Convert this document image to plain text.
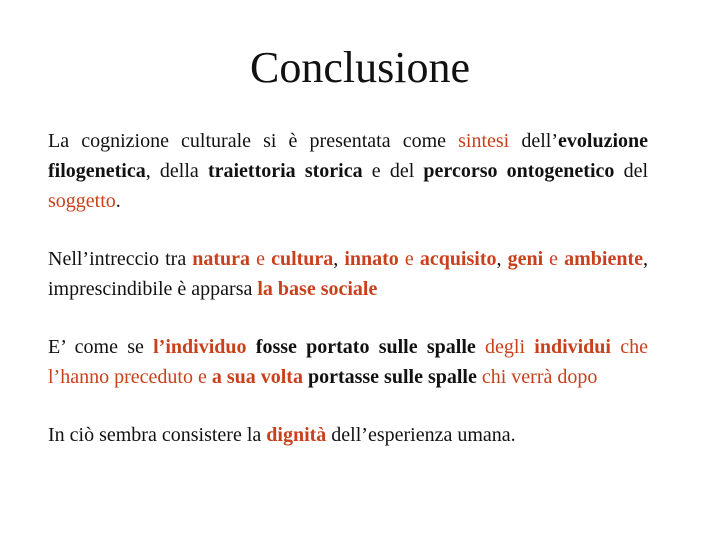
Conclusione

La cognizione culturale si è presentata come sintesi dell’evoluzione filogenetica, della traiettoria storica e del percorso ontogenetico del soggetto.

Nell’intreccio tra natura e cultura, innato e acquisito, geni e ambiente, imprescindibile è apparsa la base sociale

E’ come se l’individuo fosse portato sulle spalle degli individui che l’hanno preceduto e a sua volta portasse sulle spalle chi verrà dopo

In ciò sembra consistere la dignità dell’esperienza umana.
